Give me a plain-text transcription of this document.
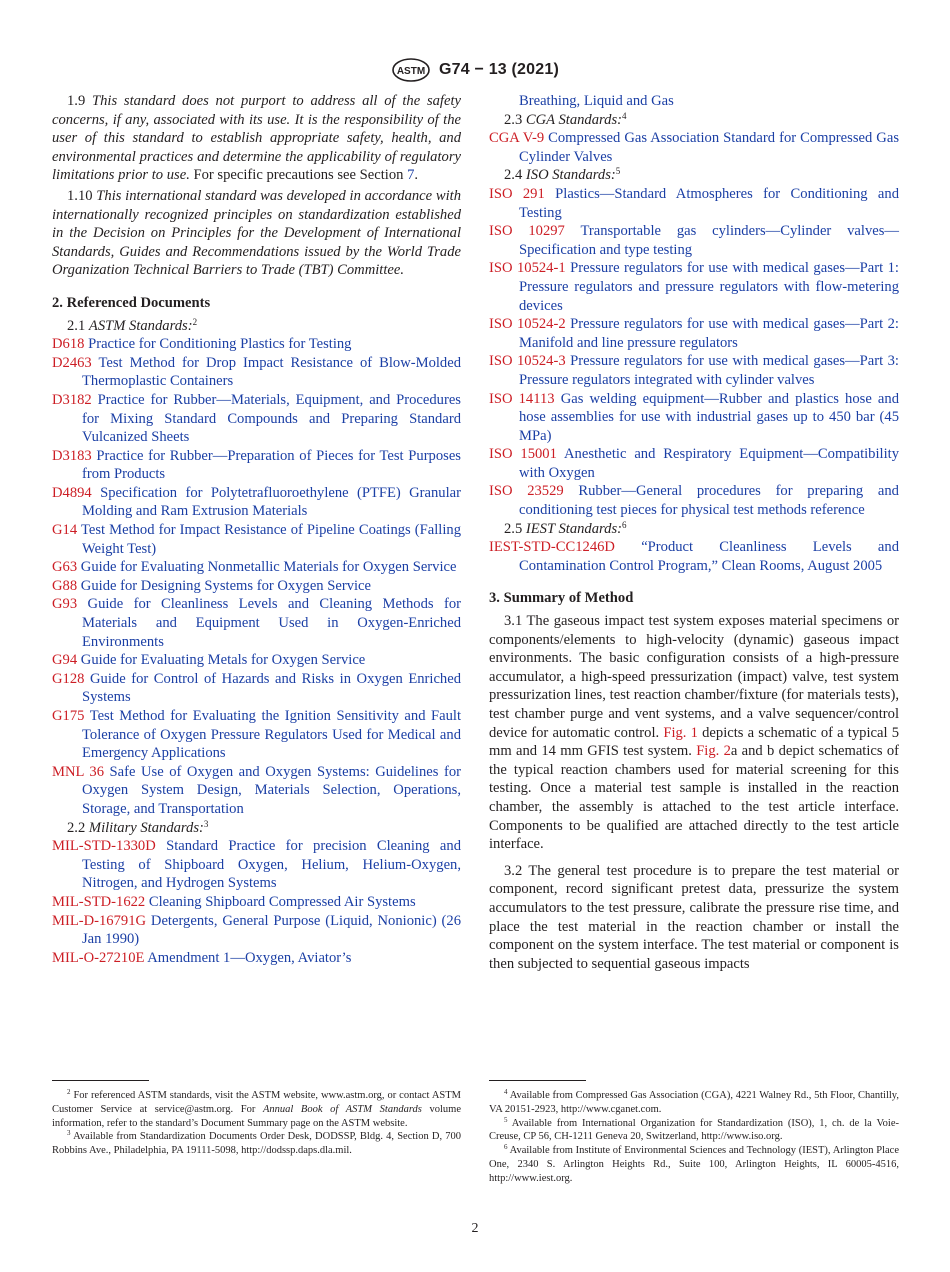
ASTM G74 − 13 (2021)

1.9 This standard does not purport to address all of the safety concerns, if any, associated with its use. It is the responsibility of the user of this standard to establish appropriate safety, health, and environmental practices and determine the applicability of regulatory limitations prior to use. For specific precautions see Section 7.

1.10 This international standard was developed in accordance with internationally recognized principles on standardization established in the Decision on Principles for the Development of International Standards, Guides and Recommendations issued by the World Trade Organization Technical Barriers to Trade (TBT) Committee.

2. Referenced Documents

2.1 ASTM Standards:$^2$

D618 Practice for Conditioning Plastics for Testing

D2463 Test Method for Drop Impact Resistance of Blow-Molded Thermoplastic Containers

D3182 Practice for Rubber—Materials, Equipment, and Procedures for Mixing Standard Compounds and Preparing Standard Vulcanized Sheets

D3183 Practice for Rubber—Preparation of Pieces for Test Purposes from Products

D4894 Specification for Polytetrafluoroethylene (PTFE) Granular Molding and Ram Extrusion Materials

G14 Test Method for Impact Resistance of Pipeline Coatings (Falling Weight Test)

G63 Guide for Evaluating Nonmetallic Materials for Oxygen Service

G88 Guide for Designing Systems for Oxygen Service

G93 Guide for Cleanliness Levels and Cleaning Methods for Materials and Equipment Used in Oxygen-Enriched Environments

G94 Guide for Evaluating Metals for Oxygen Service

G128 Guide for Control of Hazards and Risks in Oxygen Enriched Systems

G175 Test Method for Evaluating the Ignition Sensitivity and Fault Tolerance of Oxygen Pressure Regulators Used for Medical and Emergency Applications

MNL 36 Safe Use of Oxygen and Oxygen Systems: Guidelines for Oxygen System Design, Materials Selection, Operations, Storage, and Transportation

2.2 Military Standards:$^3$

MIL-STD-1330D Standard Practice for precision Cleaning and Testing of Shipboard Oxygen, Helium, Helium-Oxygen, Nitrogen, and Hydrogen Systems

MIL-STD-1622 Cleaning Shipboard Compressed Air Systems

MIL-D-16791G Detergents, General Purpose (Liquid, Nonionic) (26 Jan 1990)

MIL-O-27210E Amendment 1—Oxygen, Aviator’s

Breathing, Liquid and Gas

2.3 CGA Standards:$^4$

CGA V-9 Compressed Gas Association Standard for Compressed Gas Cylinder Valves

2.4 ISO Standards:$^5$

ISO 291 Plastics—Standard Atmospheres for Conditioning and Testing

ISO 10297 Transportable gas cylinders—Cylinder valves—Specification and type testing

ISO 10524-1 Pressure regulators for use with medical gases—Part 1: Pressure regulators and pressure regulators with flow-metering devices

ISO 10524-2 Pressure regulators for use with medical gases—Part 2: Manifold and line pressure regulators

ISO 10524-3 Pressure regulators for use with medical gases—Part 3: Pressure regulators integrated with cylinder valves

ISO 14113 Gas welding equipment—Rubber and plastics hose and hose assemblies for use with industrial gases up to 450 bar (45 MPa)

ISO 15001 Anesthetic and Respiratory Equipment—Compatibility with Oxygen

ISO 23529 Rubber—General procedures for preparing and conditioning test pieces for physical test methods reference

2.5 IEST Standards:$^6$

IEST-STD-CC1246D “Product Cleanliness Levels and Contamination Control Program,” Clean Rooms, August 2005

3. Summary of Method

3.1 The gaseous impact test system exposes material specimens or components/elements to high-velocity (dynamic) gaseous impact environments. The basic configuration consists of a high-pressure accumulator, a high-speed pressurization (impact) valve, test system pressurization lines, test reaction chamber/fixture (for materials tests), test chamber purge and vent systems, and a valve sequencer/control device for automatic control. Fig. 1 depicts a schematic of a typical 5 mm and 14 mm GFIS test system. Fig. 2a and b depict schematics of the typical reaction chambers used for material screening for this testing. Once a material test sample is installed in the reaction chamber, the assembly is attached to the test article interface. Components to be qualified are attached directly to the test article interface.

3.2 The general test procedure is to prepare the test material or component, record significant pretest data, pressurize the system accumulators to the test pressure, calibrate the pressure rise time, and place the test material in the reaction chamber or install the component on the system interface. The test material or component is then subjected to sequential gaseous impacts

$^2$ For referenced ASTM standards, visit the ASTM website, www.astm.org, or contact ASTM Customer Service at service@astm.org. For Annual Book of ASTM Standards volume information, refer to the standard’s Document Summary page on the ASTM website.

$^3$ Available from Standardization Documents Order Desk, DODSSP, Bldg. 4, Section D, 700 Robbins Ave., Philadelphia, PA 19111-5098, http://dodssp.daps.dla.mil.

$^4$ Available from Compressed Gas Association (CGA), 4221 Walney Rd., 5th Floor, Chantilly, VA 20151-2923, http://www.cganet.com.

$^5$ Available from International Organization for Standardization (ISO), 1, ch. de la Voie-Creuse, CP 56, CH-1211 Geneva 20, Switzerland, http://www.iso.org.

$^6$ Available from Institute of Environmental Sciences and Technology (IEST), Arlington Place One, 2340 S. Arlington Heights Rd., Suite 100, Arlington Heights, IL 60005-4516, http://www.iest.org.

2
